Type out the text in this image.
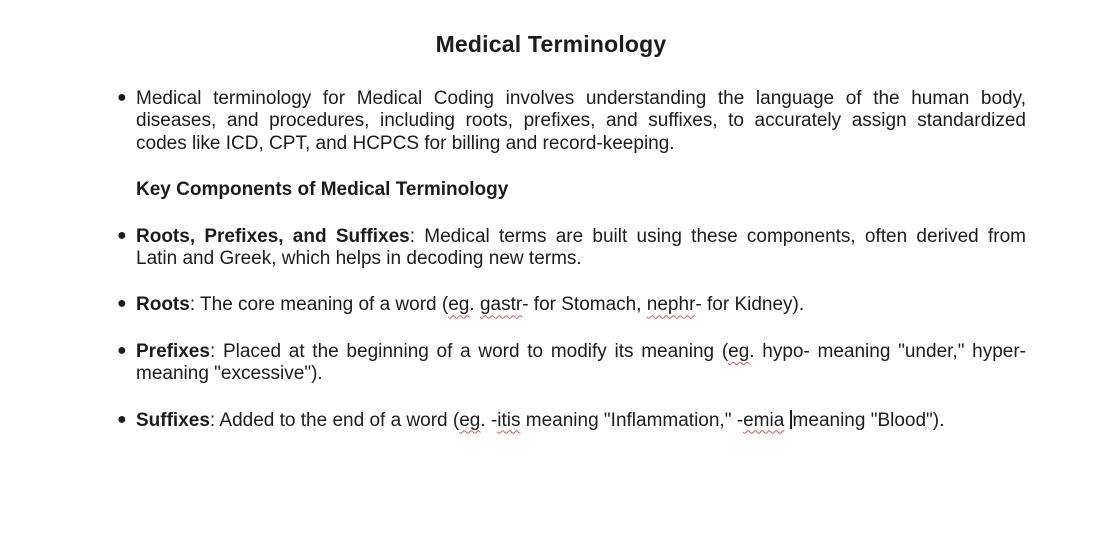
Medical Terminology
● Medical terminology for Medical Coding involves understanding the language of the human body,
diseases, and procedures, including roots, prefixes, and suffixes, to accurately assign standardized
codes like ICD, CPT, and HCPCS for billing and record-keeping.
Key Components of Medical Terminology
● Roots, Prefixes, and Suffixes: Medical terms are built using these components, often derived from
Latin and Greek, which helps in decoding new terms.
● Roots: The core meaning of a word (eg. gastr- for Stomach, nephr- for Kidney).
● Prefixes: Placed at the beginning of a word to modify its meaning (eg. hypo- meaning "under," hyper-
meaning "excessive").
● Suffixes: Added to the end of a word (eg. -itis meaning "Inflammation," -emia meaning "Blood").
